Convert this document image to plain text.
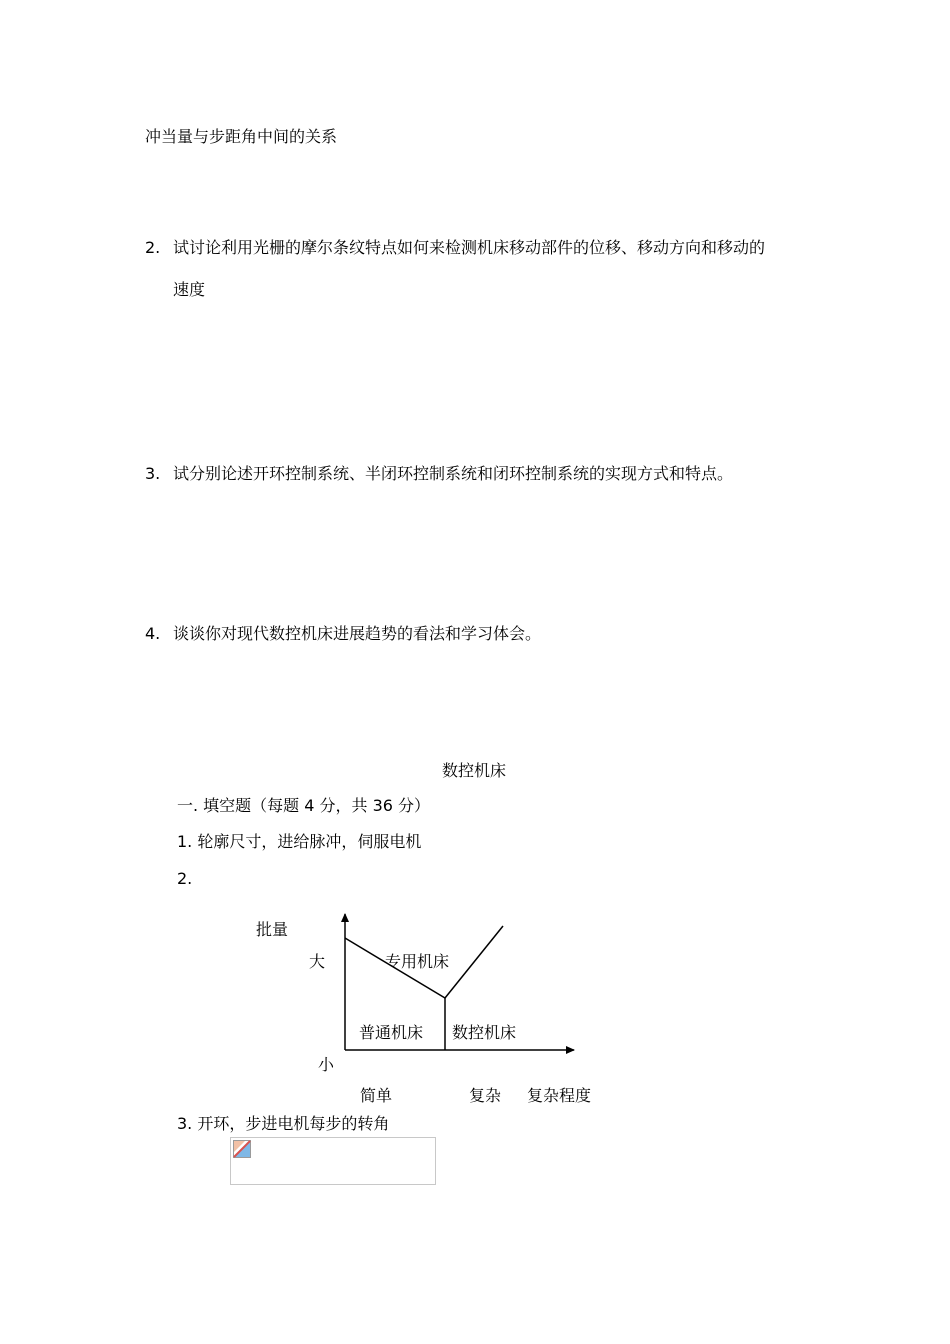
冲当量与步距角中间的关系
2. 试讨论利用光栅的摩尔条纹特点如何来检测机床移动部件的位移、移动方向和移动的
速度
3. 试分别论述开环控制系统、半闭环控制系统和闭环控制系统的实现方式和特点。
4. 谈谈你对现代数控机床进展趋势的看法和学习体会。
数控机床
一. 填空题（每题 4 分，共 36 分）
1. 轮廓尺寸，进给脉冲，伺服电机
2.
批量
大	专用机床
普通机床 数控机床
小
简单	复杂 复杂程度
3. 开环，步进电机每步的转角
